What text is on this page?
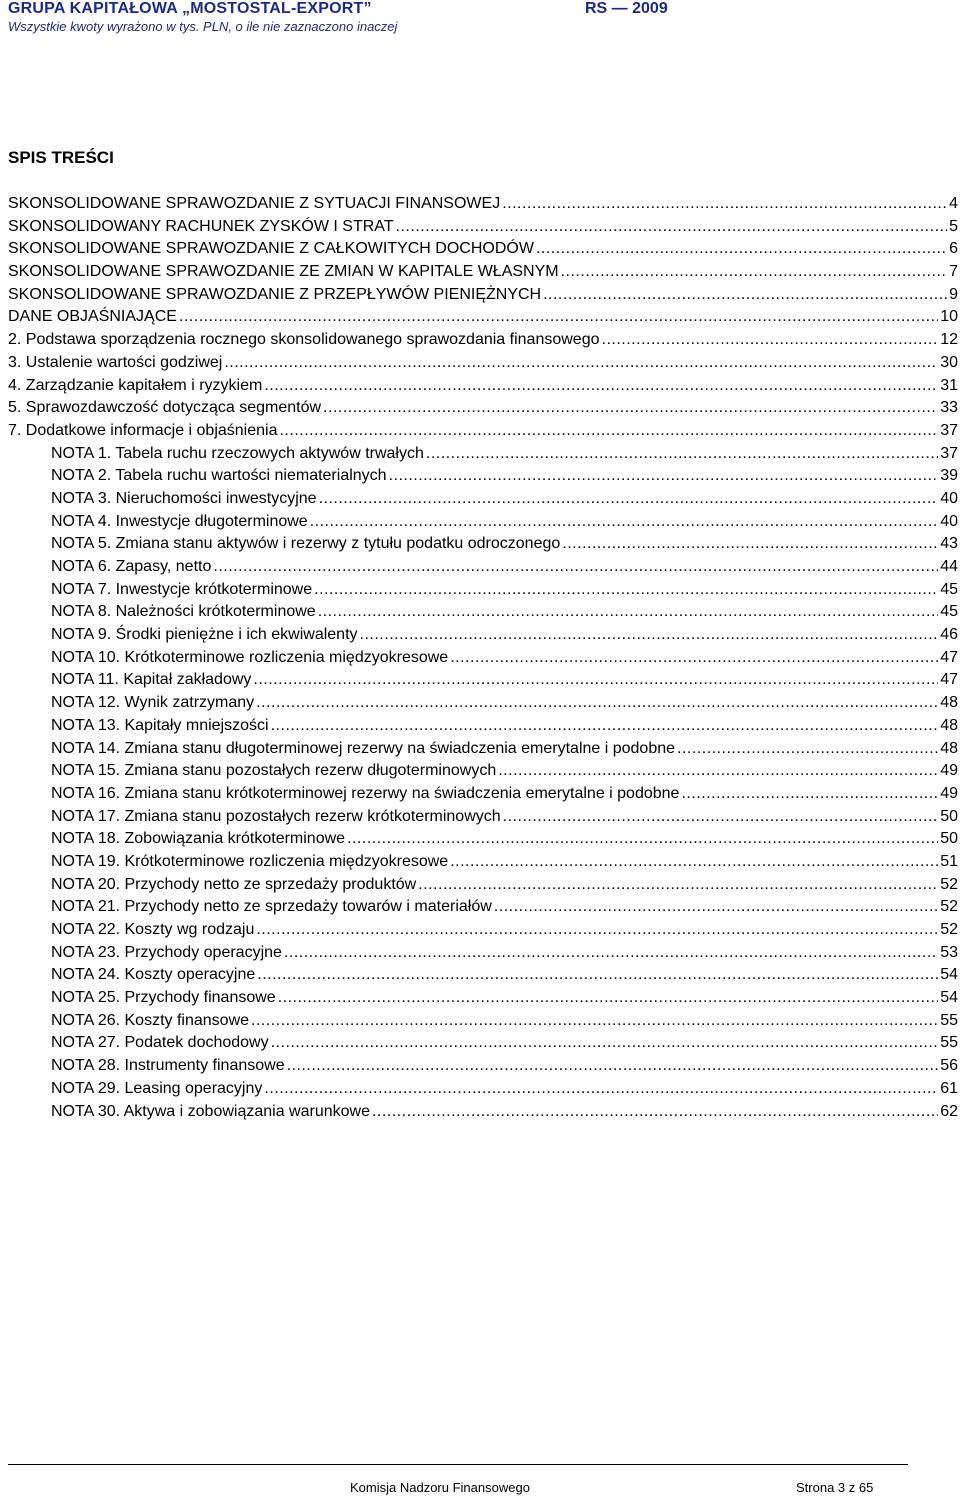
GRUPA KAPITAŁOWA „MOSTOSTAL-EXPORT”
Wszystkie kwoty wyrażono w tys. PLN, o ile nie zaznaczono inaczej
RS — 2009
SPIS TREŚCI
SKONSOLIDOWANE SPRAWOZDANIE Z SYTUACJI FINANSOWEJ .....	4
SKONSOLIDOWANY RACHUNEK ZYSKÓW I STRAT .....	5
SKONSOLIDOWANE SPRAWOZDANIE Z CAŁKOWITYCH DOCHODÓW .....	6
SKONSOLIDOWANE SPRAWOZDANIE ZE ZMIAN W KAPITALE WŁASNYM .....	7
SKONSOLIDOWANE SPRAWOZDANIE Z PRZEPŁYWÓW PIENIĘŻNYCH .....	9
DANE OBJAŚNIAJĄCE .....	10
2. Podstawa sporządzenia rocznego skonsolidowanego sprawozdania finansowego .....	12
3. Ustalenie wartości godziwej .....	30
4. Zarządzanie kapitałem i ryzykiem .....	31
5. Sprawozdawczość dotycząca segmentów .....	33
7. Dodatkowe informacje i objaśnienia .....	37
NOTA 1. Tabela ruchu rzeczowych aktywów trwałych .....	37
NOTA 2. Tabela ruchu wartości niematerialnych .....	39
NOTA 3. Nieruchomości inwestycyjne .....	40
NOTA 4. Inwestycje długoterminowe .....	40
NOTA 5. Zmiana stanu aktywów i rezerwy z tytułu podatku odroczonego .....	43
NOTA 6. Zapasy, netto .....	44
NOTA 7. Inwestycje krótkoterminowe .....	45
NOTA 8. Należności krótkoterminowe .....	45
NOTA 9. Środki pieniężne i ich ekwiwalenty .....	46
NOTA 10. Krótkoterminowe rozliczenia międzyokresowe .....	47
NOTA 11. Kapitał zakładowy .....	47
NOTA 12. Wynik zatrzymany .....	48
NOTA 13. Kapitały mniejszości .....	48
NOTA 14. Zmiana stanu długoterminowej rezerwy na świadczenia emerytalne i podobne .....	48
NOTA 15. Zmiana stanu pozostałych rezerw długoterminowych .....	49
NOTA 16. Zmiana stanu krótkoterminowej rezerwy na świadczenia emerytalne i podobne .....	49
NOTA 17. Zmiana stanu pozostałych rezerw krótkoterminowych .....	50
NOTA 18. Zobowiązania krótkoterminowe .....	50
NOTA 19. Krótkoterminowe rozliczenia międzyokresowe .....	51
NOTA 20. Przychody netto ze sprzedaży produktów .....	52
NOTA 21. Przychody netto ze sprzedaży towarów i materiałów .....	52
NOTA 22. Koszty wg rodzaju .....	52
NOTA 23. Przychody operacyjne .....	53
NOTA 24. Koszty operacyjne .....	54
NOTA 25. Przychody finansowe .....	54
NOTA 26. Koszty finansowe .....	55
NOTA 27. Podatek dochodowy .....	55
NOTA 28. Instrumenty finansowe .....	56
NOTA 29. Leasing operacyjny .....	61
NOTA 30. Aktywa i zobowiązania warunkowe .....	62
Komisja Nadzoru Finansowego	Strona 3 z 65
